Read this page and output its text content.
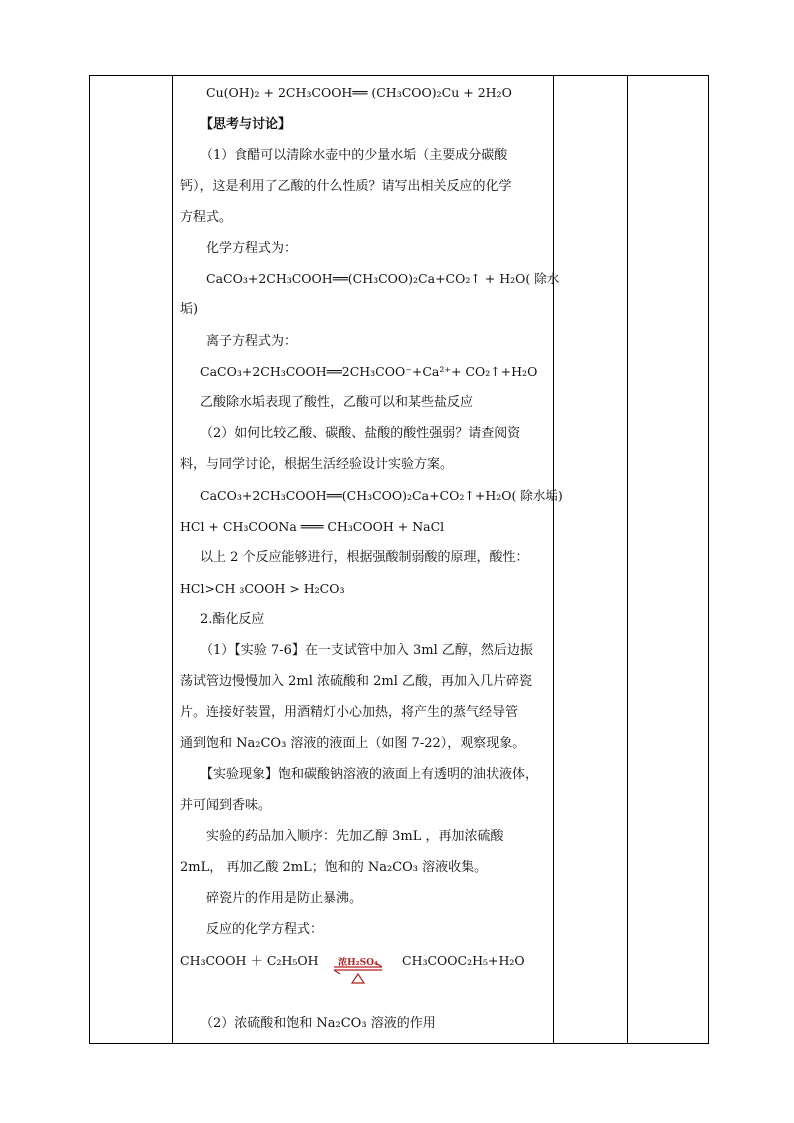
Cu(OH)₂ + 2CH₃COOH══ (CH₃COO)₂Cu + 2H₂O
【思考与讨论】
（1）食醋可以清除水壶中的少量水垢（主要成分碳酸
钙），这是利用了乙酸的什么性质？请写出相关反应的化学
方程式。
化学方程式为：
CaCO₃+2CH₃COOH══(CH₃COO)₂Ca+CO₂↑ + H₂O( 除水
垢)
离子方程式为：
CaCO₃+2CH₃COOH══2CH₃COO⁻+Ca²⁺+ CO₂↑+H₂O
乙酸除水垢表现了酸性，乙酸可以和某些盐反应
（2）如何比较乙酸、碳酸、盐酸的酸性强弱？请查阅资
料，与同学讨论，根据生活经验设计实验方案。
CaCO₃+2CH₃COOH══(CH₃COO)₂Ca+CO₂↑+H₂O( 除水垢)
HCl + CH₃COONa ═══ CH₃COOH + NaCl
以上 2 个反应能够进行，根据强酸制弱酸的原理，酸性：
HCl>CH ₃COOH > H₂CO₃
2.酯化反应
（1）【实验 7-6】在一支试管中加入 3ml 乙醇，然后边振
荡试管边慢慢加入 2ml 浓硫酸和 2ml 乙酸，再加入几片碎瓷
片。连接好装置，用酒精灯小心加热，将产生的蒸气经导管
通到饱和 Na₂CO₃ 溶液的液面上（如图 7-22），观察现象。
【实验现象】饱和碳酸钠溶液的液面上有透明的油状液体，
并可闻到香味。
实验的药品加入顺序：先加乙醇 3mL ，再加浓硫酸
2mL， 再加乙酸 2mL；饱和的 Na₂CO₃ 溶液收集。
碎瓷片的作用是防止暴沸。
反应的化学方程式：
CH₃COOH ＋ C₂H₅OH	CH₃COOC₂H₅+H₂O
（2）浓硫酸和饱和 Na₂CO₃ 溶液的作用
浓H₂SO₄
